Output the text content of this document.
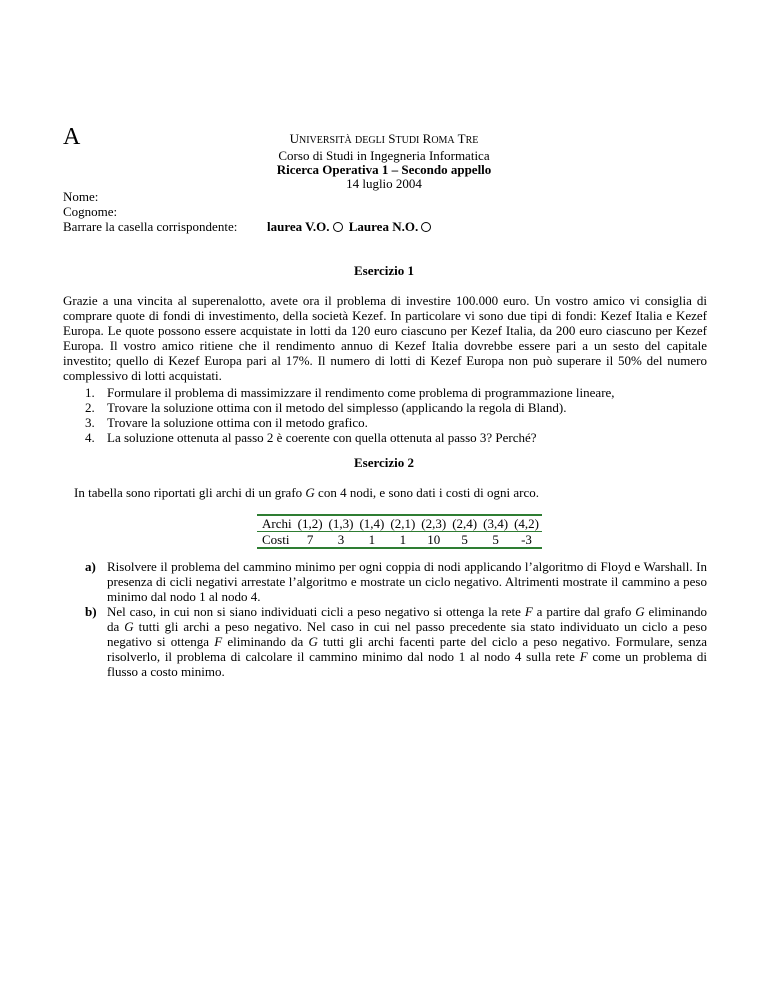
A	UNIVERSITÀ DEGLI STUDI ROMA TRE
Corso di Studi in Ingegneria Informatica
Ricerca Operativa 1 – Secondo appello
14 luglio 2004
Nome:
Cognome:
Barrare la casella corrispondente: laurea V.O. Laurea N.O.
Esercizio 1
Grazie a una vincita al superenalotto, avete ora il problema di investire 100.000 euro. Un vostro amico vi consiglia di comprare quote di fondi di investimento, della società Kezef. In particolare vi sono due tipi di fondi: Kezef Italia e Kezef Europa. Le quote possono essere acquistate in lotti da 120 euro ciascuno per Kezef Italia, da 200 euro ciascuno per Kezef Europa. Il vostro amico ritiene che il rendimento annuo di Kezef Italia dovrebbe essere pari a un sesto del capitale investito; quello di Kezef Europa pari al 17%. Il numero di lotti di Kezef Europa non può superare il 50% del numero complessivo di lotti acquistati.
1. Formulare il problema di massimizzare il rendimento come problema di programmazione lineare,
2. Trovare la soluzione ottima con il metodo del simplesso (applicando la regola di Bland).
3. Trovare la soluzione ottima con il metodo grafico.
4. La soluzione ottenuta al passo 2 è coerente con quella ottenuta al passo 3? Perché?
Esercizio 2
In tabella sono riportati gli archi di un grafo G con 4 nodi, e sono dati i costi di ogni arco.
Archi	(1,2)	(1,3)	(1,4)	(2,1)	(2,3)	(2,4)	(3,4)	(4,2)
Costi	7	3	1	1	10	5	5	-3
a) Risolvere il problema del cammino minimo per ogni coppia di nodi applicando l’algoritmo di Floyd e Warshall. In presenza di cicli negativi arrestate l’algoritmo e mostrate un ciclo negativo. Altrimenti mostrate il cammino a peso minimo dal nodo 1 al nodo 4.
b) Nel caso, in cui non si siano individuati cicli a peso negativo si ottenga la rete F a partire dal grafo G eliminando da G tutti gli archi a peso negativo. Nel caso in cui nel passo precedente sia stato individuato un ciclo a peso negativo si ottenga F eliminando da G tutti gli archi facenti parte del ciclo a peso negativo. Formulare, senza risolverlo, il problema di calcolare il cammino minimo dal nodo 1 al nodo 4 sulla rete F come un problema di flusso a costo minimo.
